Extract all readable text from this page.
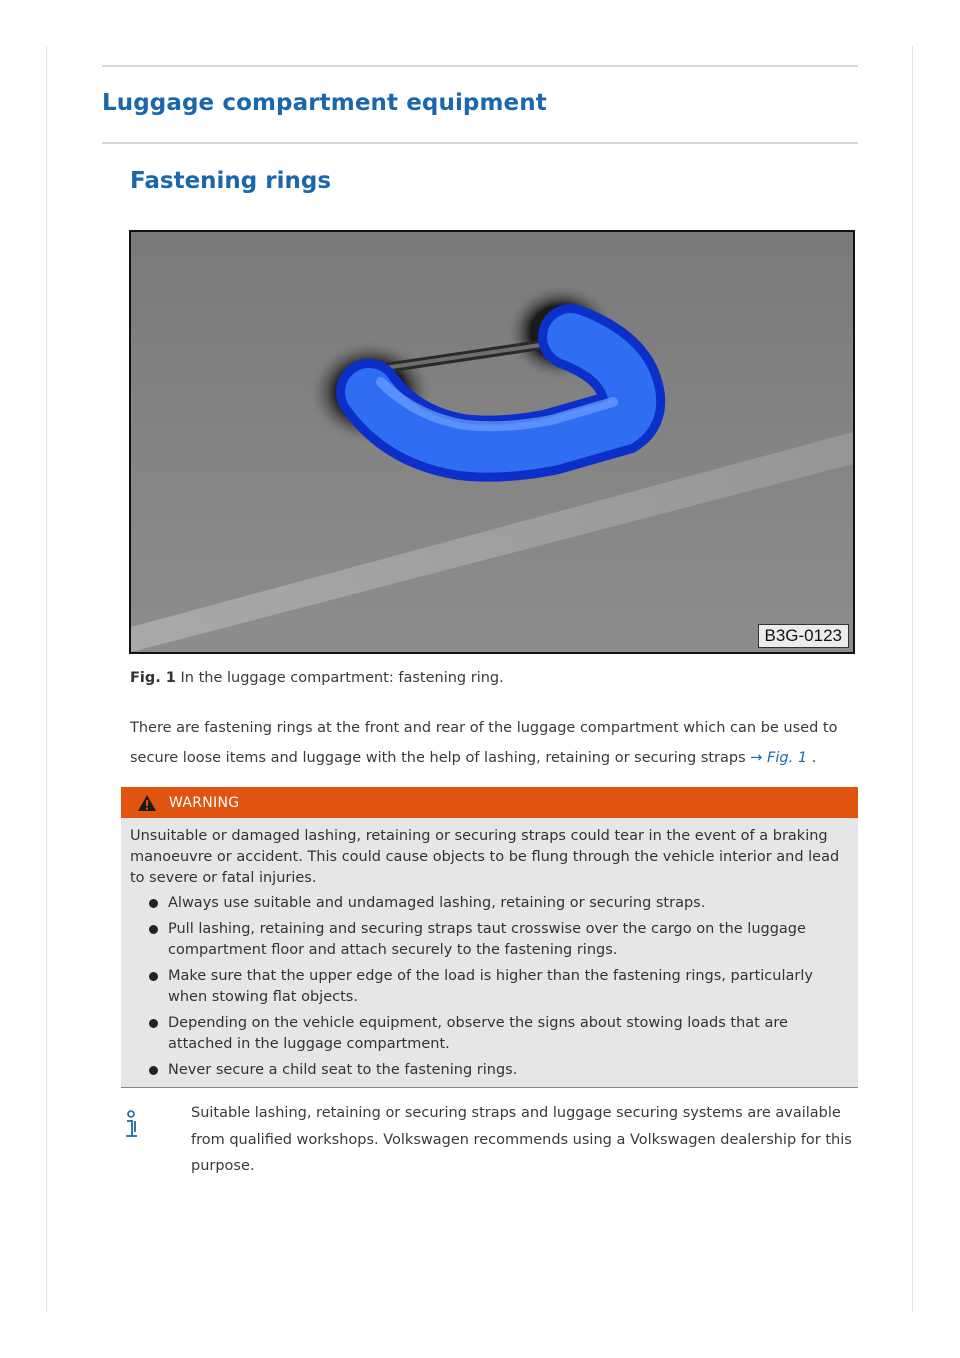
Luggage compartment equipment
Fastening rings
B3G-0123
Fig. 1 In the luggage compartment: fastening ring.

There are fastening rings at the front and rear of the luggage compartment which can be used to secure loose items and luggage with the help of lashing, retaining or securing straps → Fig. 1 .

WARNING

Unsuitable or damaged lashing, retaining or securing straps could tear in the event of a braking manoeuvre or accident. This could cause objects to be flung through the vehicle interior and lead to severe or fatal injuries.

Always use suitable and undamaged lashing, retaining or securing straps.
Pull lashing, retaining and securing straps taut crosswise over the cargo on the luggage compartment floor and attach securely to the fastening rings.
Make sure that the upper edge of the load is higher than the fastening rings, particularly when stowing flat objects.
Depending on the vehicle equipment, observe the signs about stowing loads that are attached in the luggage compartment.
Never secure a child seat to the fastening rings.

Suitable lashing, retaining or securing straps and luggage securing systems are available from qualified workshops. Volkswagen recommends using a Volkswagen dealership for this purpose.
